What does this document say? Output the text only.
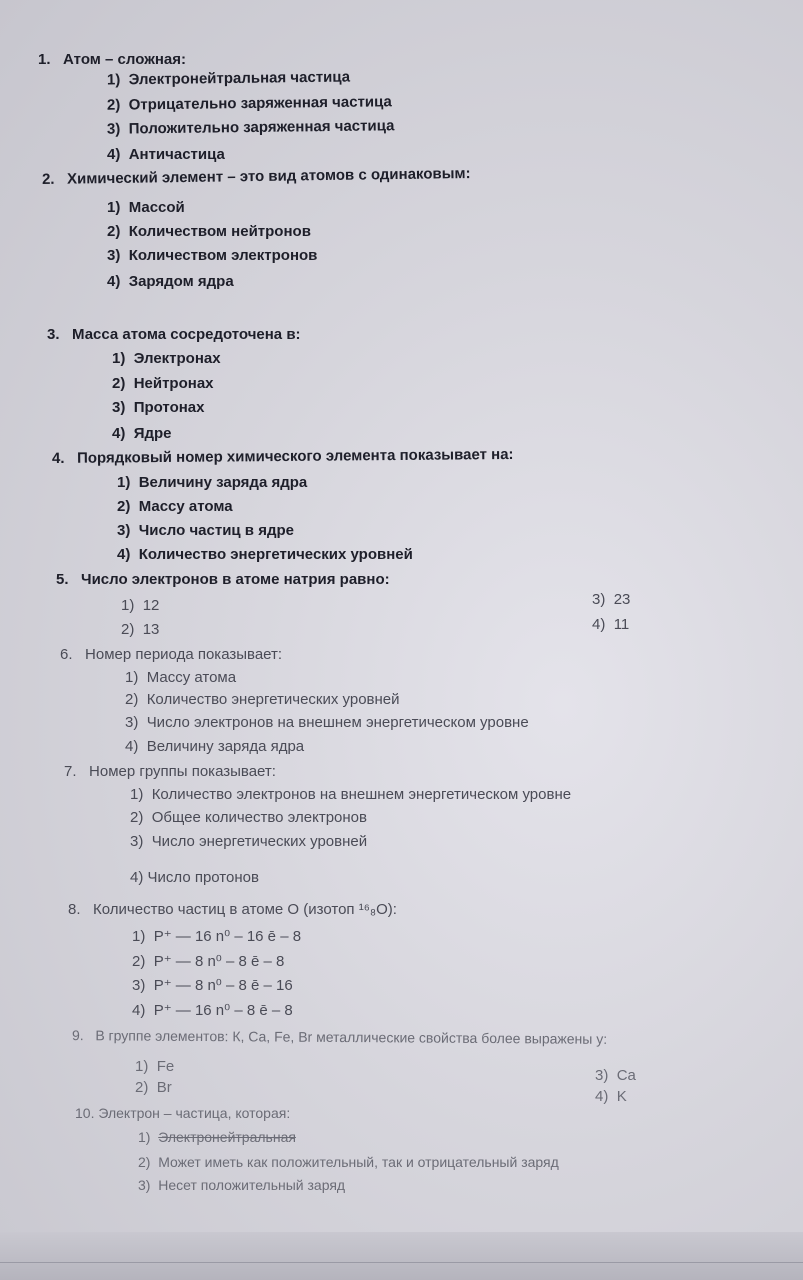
1. Атом – сложная:
1) Электронейтральная частица
2) Отрицательно заряженная частица
3) Положительно заряженная частица
4) Античастица
2. Химический элемент – это вид атомов с одинаковым:
1) Массой
2) Количеством нейтронов
3) Количеством электронов
4) Зарядом ядра
3. Масса атома сосредоточена в:
1) Электронах
2) Нейтронах
3) Протонах
4) Ядре
4. Порядковый номер химического элемента показывает на:
1) Величину заряда ядра
2) Массу атома
3) Число частиц в ядре
4) Количество энергетических уровней
5. Число электронов в атоме натрия равно:
1) 12
2) 13
3) 23
4) 11
6. Номер периода показывает:
1) Массу атома
2) Количество энергетических уровней
3) Число электронов на внешнем энергетическом уровне
4) Величину заряда ядра
7. Номер группы показывает:
1) Количество электронов на внешнем энергетическом уровне
2) Общее количество электронов
3) Число энергетических уровней
4) Число протонов
8. Количество частиц в атоме О (изотоп ¹⁶₈O):
1) P⁺ — 16 n⁰ – 16 ē – 8
2) P⁺ — 8 n⁰ – 8 ē – 8
3) P⁺ — 8 n⁰ – 8 ē – 16
4) P⁺ — 16 n⁰ – 8 ē – 8
9. В группе элементов: К, Са, Fe, Br металлические свойства более выражены у:
1) Fe
2) Br
3) Ca
4) K
10. Электрон – частица, которая:
1) Электронейтральная
2) Может иметь как положительный, так и отрицательный заряд
3) Несет положительный заряд
